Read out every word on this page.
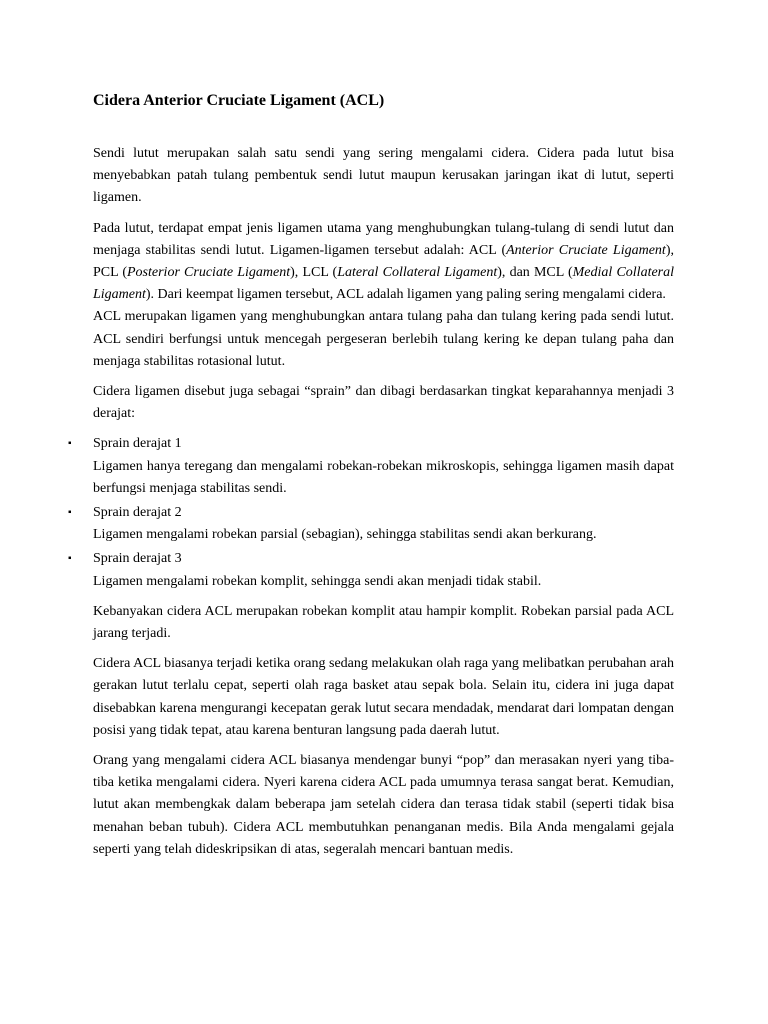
Cidera Anterior Cruciate Ligament (ACL)

Sendi lutut merupakan salah satu sendi yang sering mengalami cidera. Cidera pada lutut bisa menyebabkan patah tulang pembentuk sendi lutut maupun kerusakan jaringan ikat di lutut, seperti ligamen.

Pada lutut, terdapat empat jenis ligamen utama yang menghubungkan tulang-tulang di sendi lutut dan menjaga stabilitas sendi lutut. Ligamen-ligamen tersebut adalah: ACL (Anterior Cruciate Ligament), PCL (Posterior Cruciate Ligament), LCL (Lateral Collateral Ligament), dan MCL (Medial Collateral Ligament). Dari keempat ligamen tersebut, ACL adalah ligamen yang paling sering mengalami cidera.

ACL merupakan ligamen yang menghubungkan antara tulang paha dan tulang kering pada sendi lutut. ACL sendiri berfungsi untuk mencegah pergeseran berlebih tulang kering ke depan tulang paha dan menjaga stabilitas rotasional lutut.

Cidera ligamen disebut juga sebagai “sprain” dan dibagi berdasarkan tingkat keparahannya menjadi 3 derajat:

▪ Sprain derajat 1
Ligamen hanya teregang dan mengalami robekan-robekan mikroskopis, sehingga ligamen masih dapat berfungsi menjaga stabilitas sendi.
▪ Sprain derajat 2
Ligamen mengalami robekan parsial (sebagian), sehingga stabilitas sendi akan berkurang.
▪ Sprain derajat 3
Ligamen mengalami robekan komplit, sehingga sendi akan menjadi tidak stabil.

Kebanyakan cidera ACL merupakan robekan komplit atau hampir komplit. Robekan parsial pada ACL jarang terjadi.

Cidera ACL biasanya terjadi ketika orang sedang melakukan olah raga yang melibatkan perubahan arah gerakan lutut terlalu cepat, seperti olah raga basket atau sepak bola. Selain itu, cidera ini juga dapat disebabkan karena mengurangi kecepatan gerak lutut secara mendadak, mendarat dari lompatan dengan posisi yang tidak tepat, atau karena benturan langsung pada daerah lutut.

Orang yang mengalami cidera ACL biasanya mendengar bunyi “pop” dan merasakan nyeri yang tiba-tiba ketika mengalami cidera. Nyeri karena cidera ACL pada umumnya terasa sangat berat. Kemudian, lutut akan membengkak dalam beberapa jam setelah cidera dan terasa tidak stabil (seperti tidak bisa menahan beban tubuh). Cidera ACL membutuhkan penanganan medis. Bila Anda mengalami gejala seperti yang telah dideskripsikan di atas, segeralah mencari bantuan medis.
